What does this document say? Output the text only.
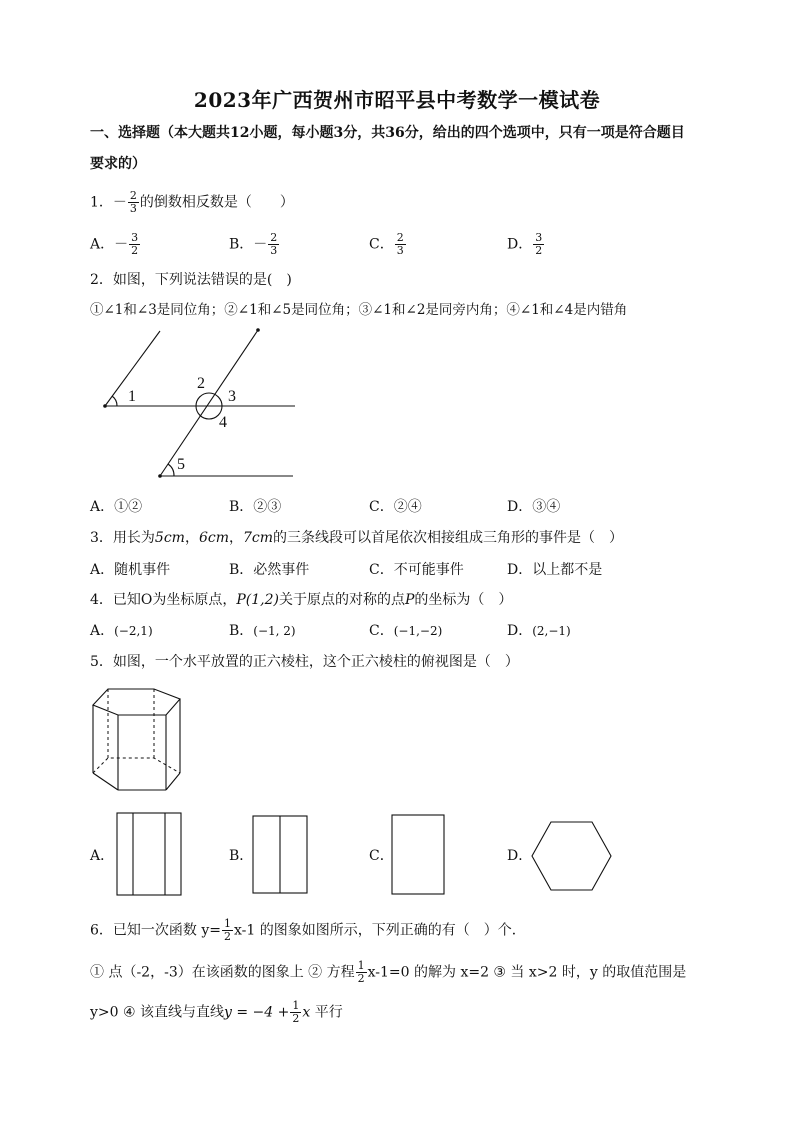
2023年广西贺州市昭平县中考数学一模试卷
一、选择题（本大题共12小题，每小题3分，共36分，给出的四个选项中，只有一项是符合题目
要求的）
1．－ $\frac{2}{3}$ 的倒数相反数是（　　）
A．－ $\frac{3}{2}$	B．－ $\frac{2}{3}$	C． $\frac{2}{3}$	D． $\frac{3}{2}$
2．如图，下列说法错误的是(　)
①∠1和∠3是同位角；②∠1和∠5是同位角；③∠1和∠2是同旁内角；④∠1和∠4是内错角
1
2
3
4
5
A．①②	B．②③	C．②④	D．③④
3．用长为5cm，6cm，7cm的三条线段可以首尾依次相接组成三角形的事件是（　）
A．随机事件	B．必然事件	C．不可能事件	D．以上都不是
4．已知O为坐标原点，P(1,2)关于原点的对称的点P的坐标为（　）
A．(−2,1)	B．(−1, 2)	C．(−1,−2)	D．(2,−1)
5．如图，一个水平放置的正六棱柱，这个正六棱柱的俯视图是（　）
A．	B．	C．	D．
6．已知一次函数 $y= \frac{1}{2} x-1$ 的图象如图所示，下列正确的有（　）个．
① 点（-2，-3）在该函数的图象上 ② 方程 $\frac{1}{2} x-1=0$ 的解为 x=2 ③ 当 x>2 时，y 的取值范围是
y>0 ④ 该直线与直线$y = -4 + \frac{1}{2}$ x 平行
